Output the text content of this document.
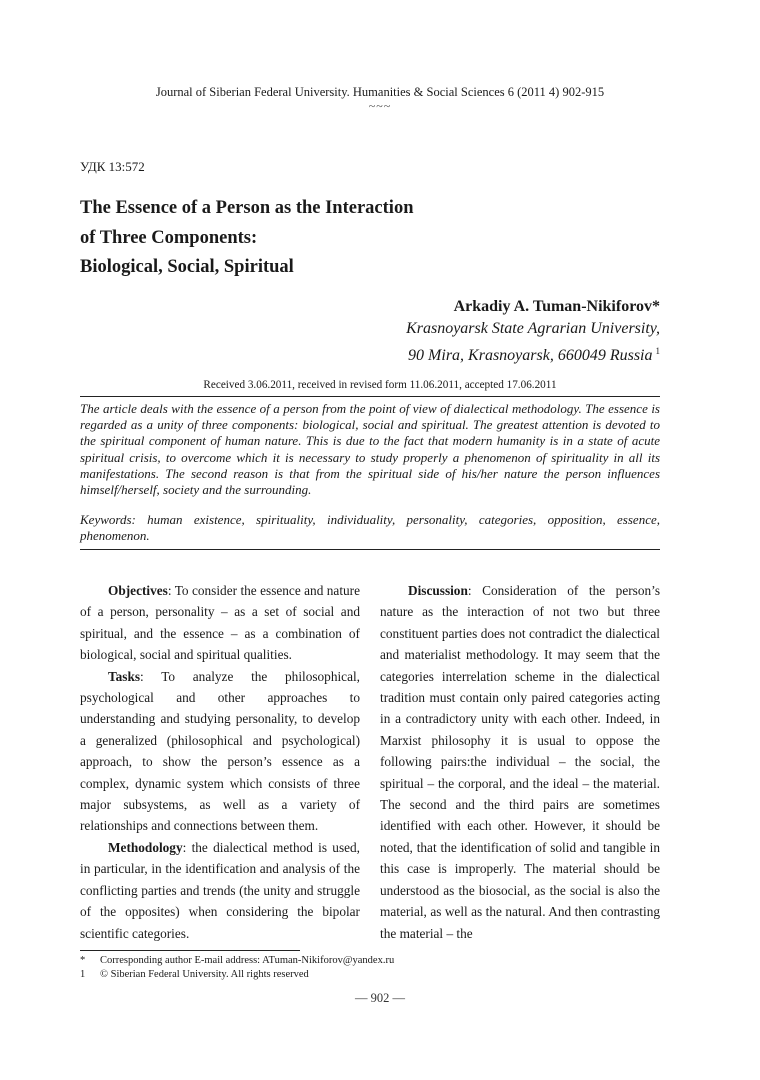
Journal of Siberian Federal University. Humanities & Social Sciences 6 (2011 4) 902-915
~~~
УДК 13:572
The Essence of a Person as the Interaction
of Three Components:
Biological, Social, Spiritual
Arkadiy A. Tuman-Nikiforov*
Krasnoyarsk State Agrarian University,
90 Mira, Krasnoyarsk, 660049 Russia $^1$
Received 3.06.2011, received in revised form 11.06.2011, accepted 17.06.2011
The article deals with the essence of a person from the point of view of dialectical methodology. The essence is regarded as a unity of three components: biological, social and spiritual. The greatest attention is devoted to the spiritual component of human nature. This is due to the fact that modern humanity is in a state of acute spiritual crisis, to overcome which it is necessary to study properly a phenomenon of spirituality in all its manifestations. The second reason is that from the spiritual side of his/her nature the person influences himself/herself, society and the surrounding.
Keywords: human existence, spirituality, individuality, personality, categories, opposition, essence, phenomenon.

Objectives: To consider the essence and nature of a person, personality – as a set of social and spiritual, and the essence – as a combination of biological, social and spiritual qualities.

Tasks: To analyze the philosophical, psychological and other approaches to understanding and studying personality, to develop a generalized (philosophical and psychological) approach, to show the person’s essence as a complex, dynamic system which consists of three major subsystems, as well as a variety of relationships and connections between them.

Methodology: the dialectical method is used, in particular, in the identification and analysis of the conflicting parties and trends (the unity and struggle of the opposites) when considering the bipolar scientific categories.

Discussion: Consideration of the person’s nature as the interaction of not two but three constituent parties does not contradict the dialectical and materialist methodology. It may seem that the categories interrelation scheme in the dialectical tradition must contain only paired categories acting in a contradictory unity with each other. Indeed, in Marxist philosophy it is usual to oppose the following pairs:the individual – the social, the spiritual – the corporal, and the ideal – the material. The second and the third pairs are sometimes identified with each other. However, it should be noted, that the identification of solid and tangible in this case is improperly. The material should be understood as the biosocial, as the social is also the material, as well as the natural. And then contrasting the material – the

* Corresponding author E-mail address: ATuman-Nikiforov@yandex.ru
1 © Siberian Federal University. All rights reserved
— 902 —
